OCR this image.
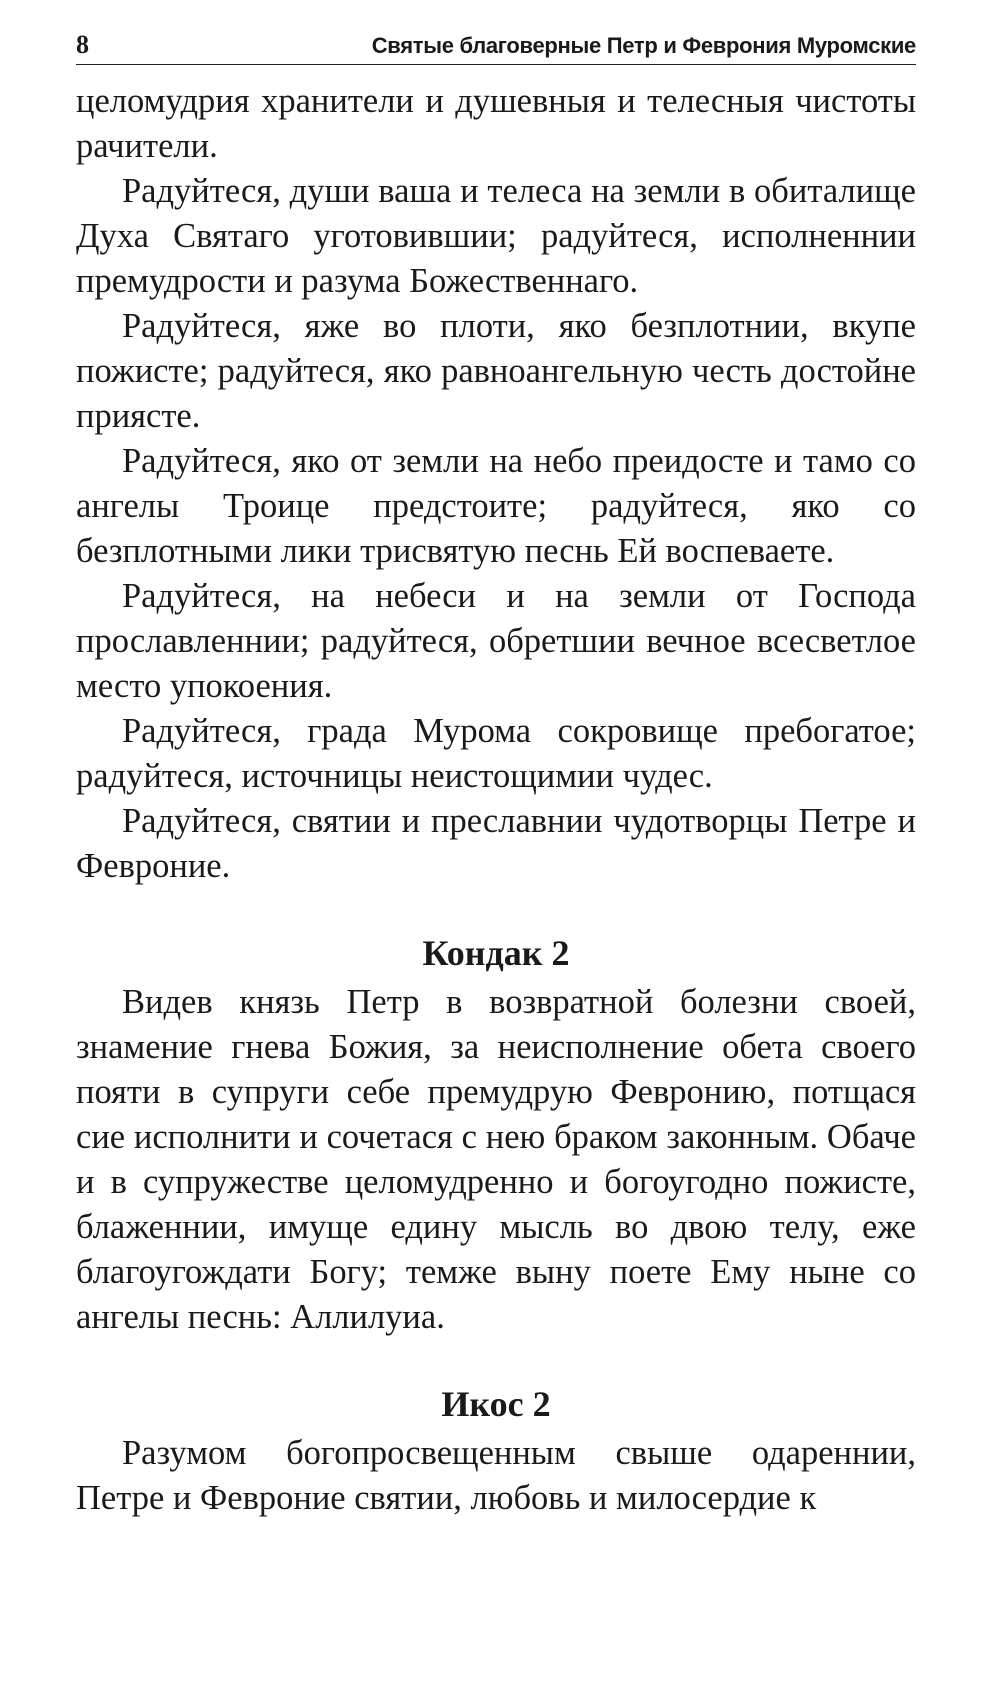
8	Святые благоверные Петр и Феврония Муромские

целомудрия хранители и душевныя и телесныя чистоты рачители.

Радуйтеся, души ваша и телеса на земли в обиталище Духа Святаго уготовившии; радуйтеся, исполненнии премудрости и разума Божественнаго.

Радуйтеся, яже во плоти, яко безплотнии, вкупе пожисте; радуйтеся, яко равноангельную честь достойне приясте.

Радуйтеся, яко от земли на небо преидосте и тамо со ангелы Троице предстоите; радуйтеся, яко со безплотными лики трисвятую песнь Ей воспеваете.

Радуйтеся, на небеси и на земли от Господа прославленнии; радуйтеся, обретшии вечное всесветлое место упокоения.

Радуйтеся, града Мурома сокровище пребогатое; радуйтеся, источницы неистощимии чудес.

Радуйтеся, святии и преславнии чудотворцы Петре и Февроние.

Кондак 2

Видев князь Петр в возвратной болезни своей, знамение гнева Божия, за неисполнение обета своего пояти в супруги себе премудрую Февронию, потщася сие исполнити и сочетася с нею браком законным. Обаче и в супружестве целомудренно и богоугодно пожисте, блаженнии, имуще едину мысль во двою телу, еже благоугождати Богу; темже выну поете Ему ныне со ангелы песнь: Аллилуиа.

Икос 2

Разумом богопросвещенным свыше одареннии, Петре и Февроние святии, любовь и милосердие к
